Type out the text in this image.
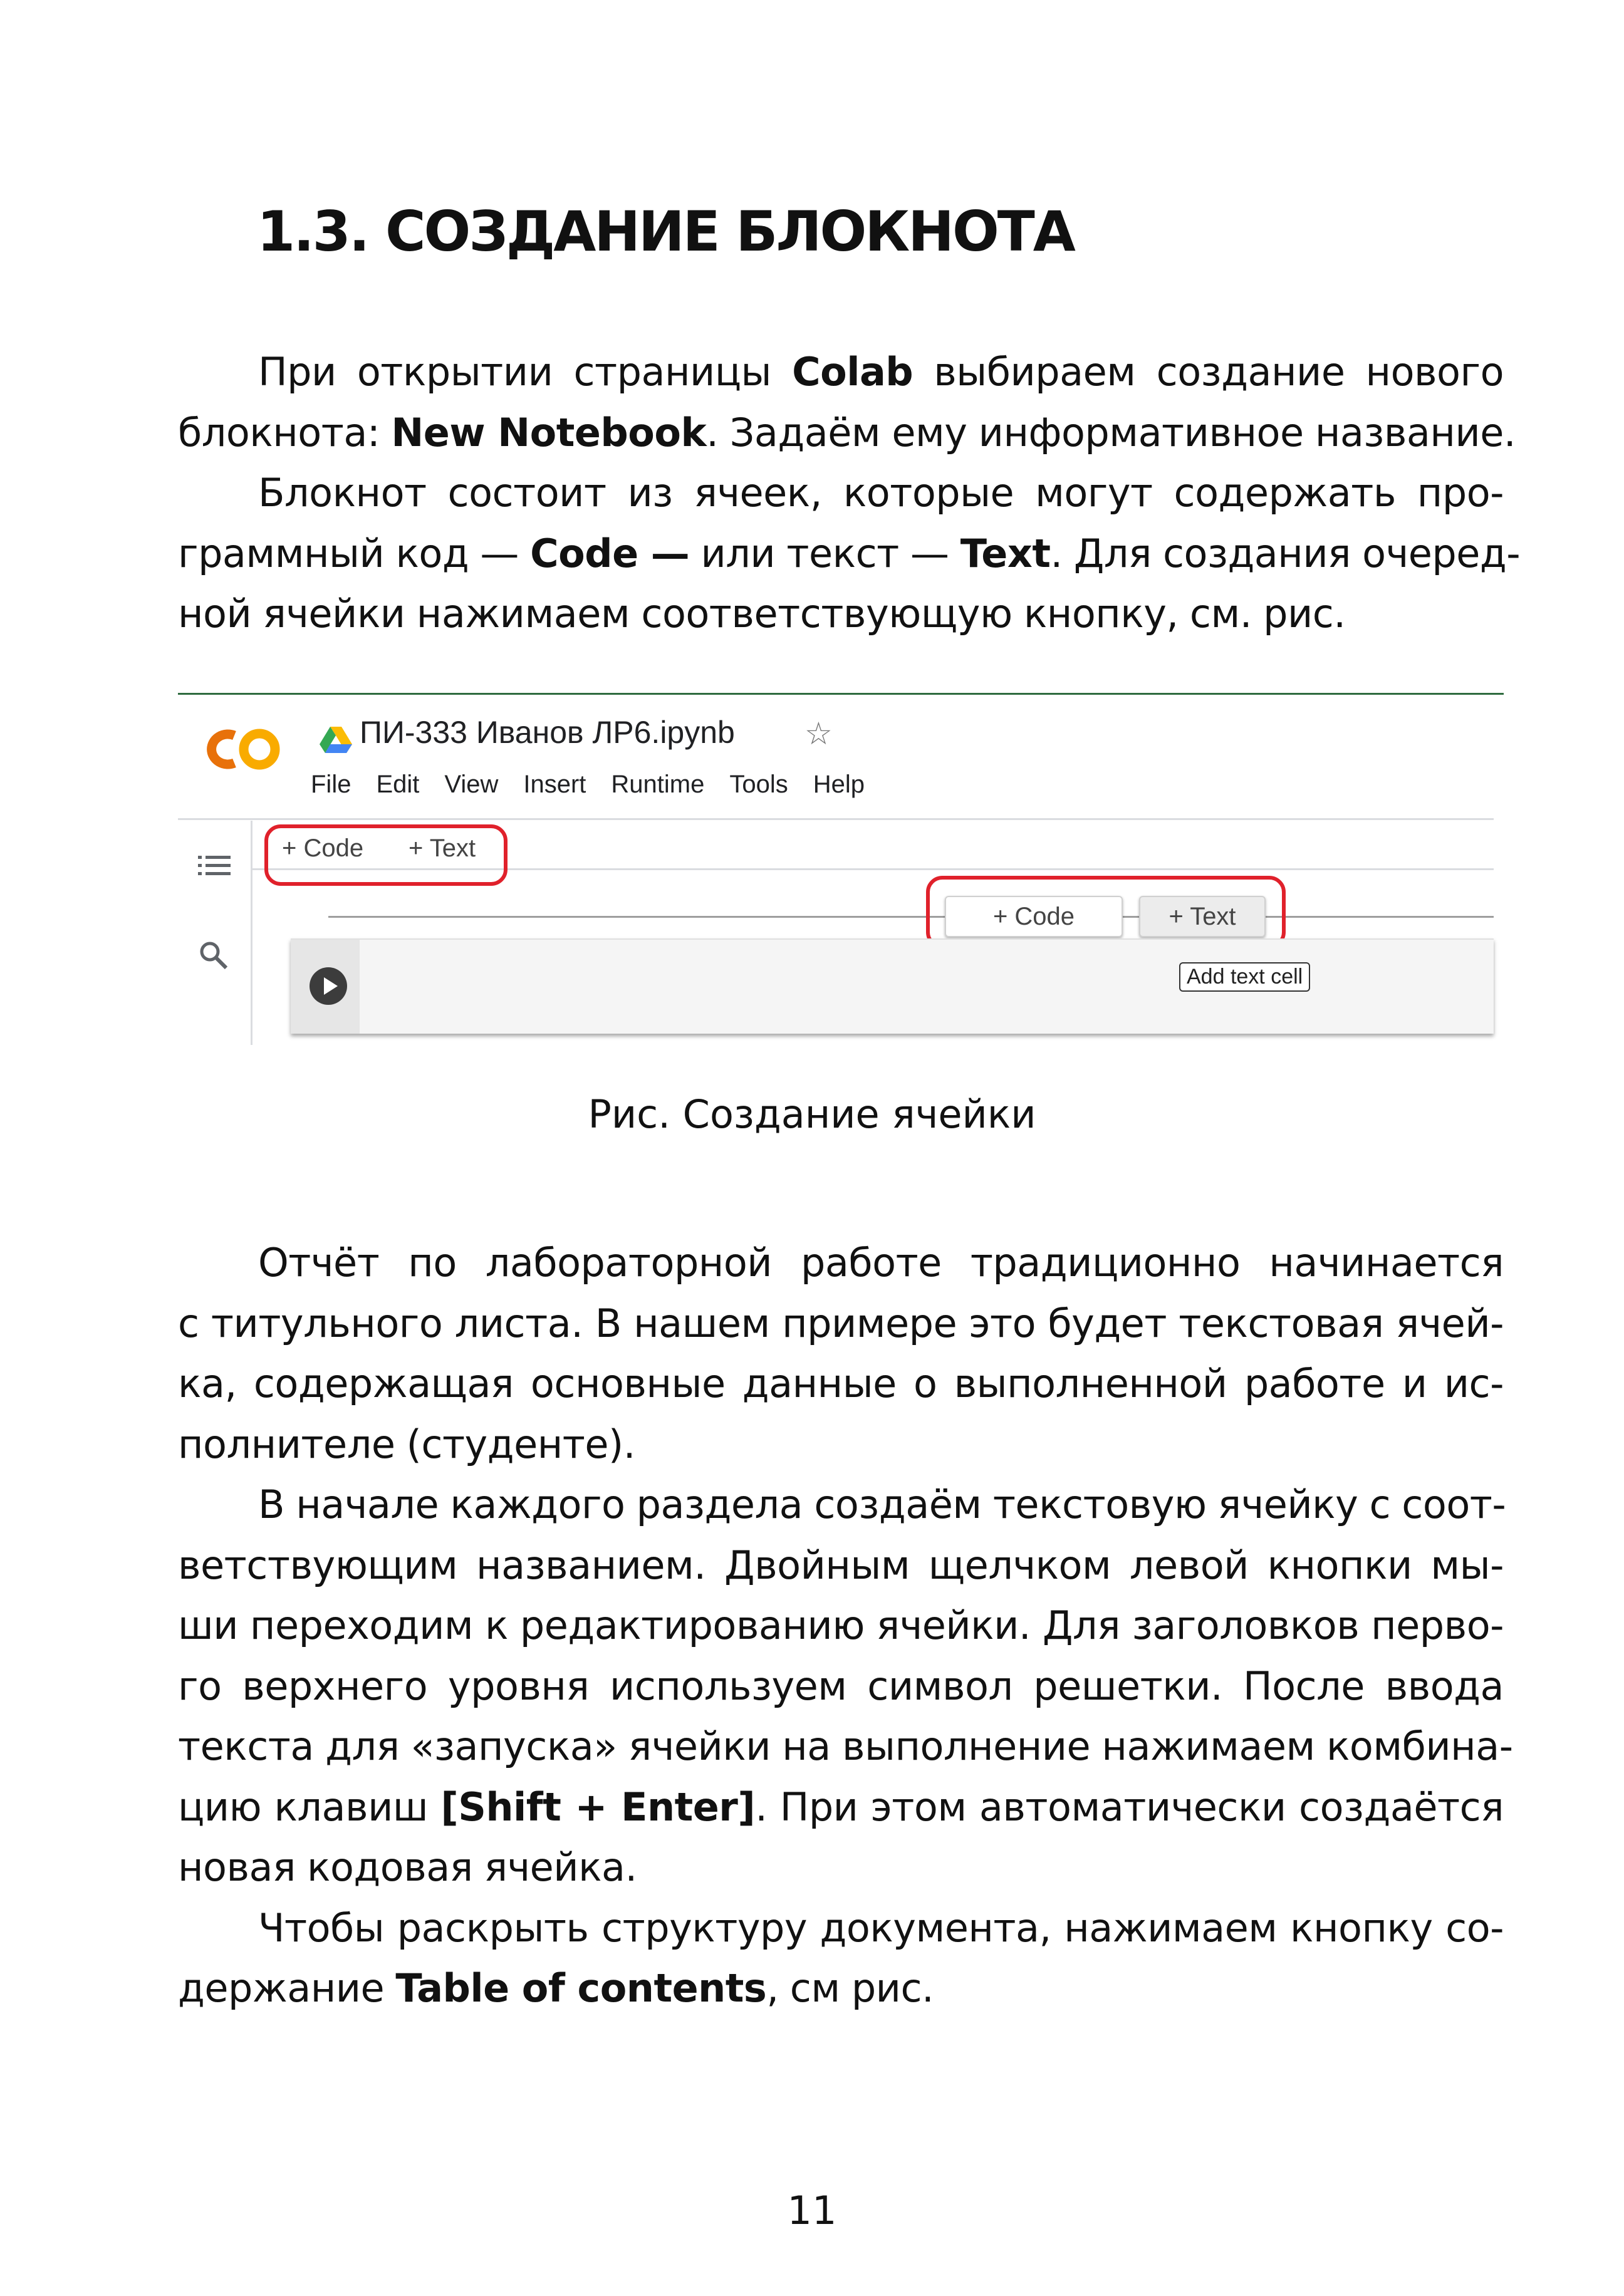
1.3. СОЗДАНИЕ БЛОКНОТА
При открытии страницы Colab выбираем создание нового
блокнота: New Notebook. Задаём ему информативное название.
Блокнот состоит из ячеек, которые могут содержать про-
граммный код — Code — или текст — Text. Для создания очеред-
ной ячейки нажимаем соответствующую кнопку, см. рис.
ПИ-333 Иванов ЛР6.ipynb ☆
File Edit View Insert Runtime Tools Help
+ Code + Text
+ Code	+ Text
Add text cell
Рис. Создание ячейки
Отчёт по лабораторной работе традиционно начинается
с титульного листа. В нашем примере это будет текстовая ячей-
ка, содержащая основные данные о выполненной работе и ис-
полнителе (студенте).
В начале каждого раздела создаём текстовую ячейку с соот-
ветствующим названием. Двойным щелчком левой кнопки мы-
ши переходим к редактированию ячейки. Для заголовков перво-
го верхнего уровня используем символ решетки. После ввода
текста для «запуска» ячейки на выполнение нажимаем комбина-
цию клавиш [Shift + Enter]. При этом автоматически создаётся
новая кодовая ячейка.
Чтобы раскрыть структуру документа, нажимаем кнопку со-
держание Table of contents, см рис.
11
